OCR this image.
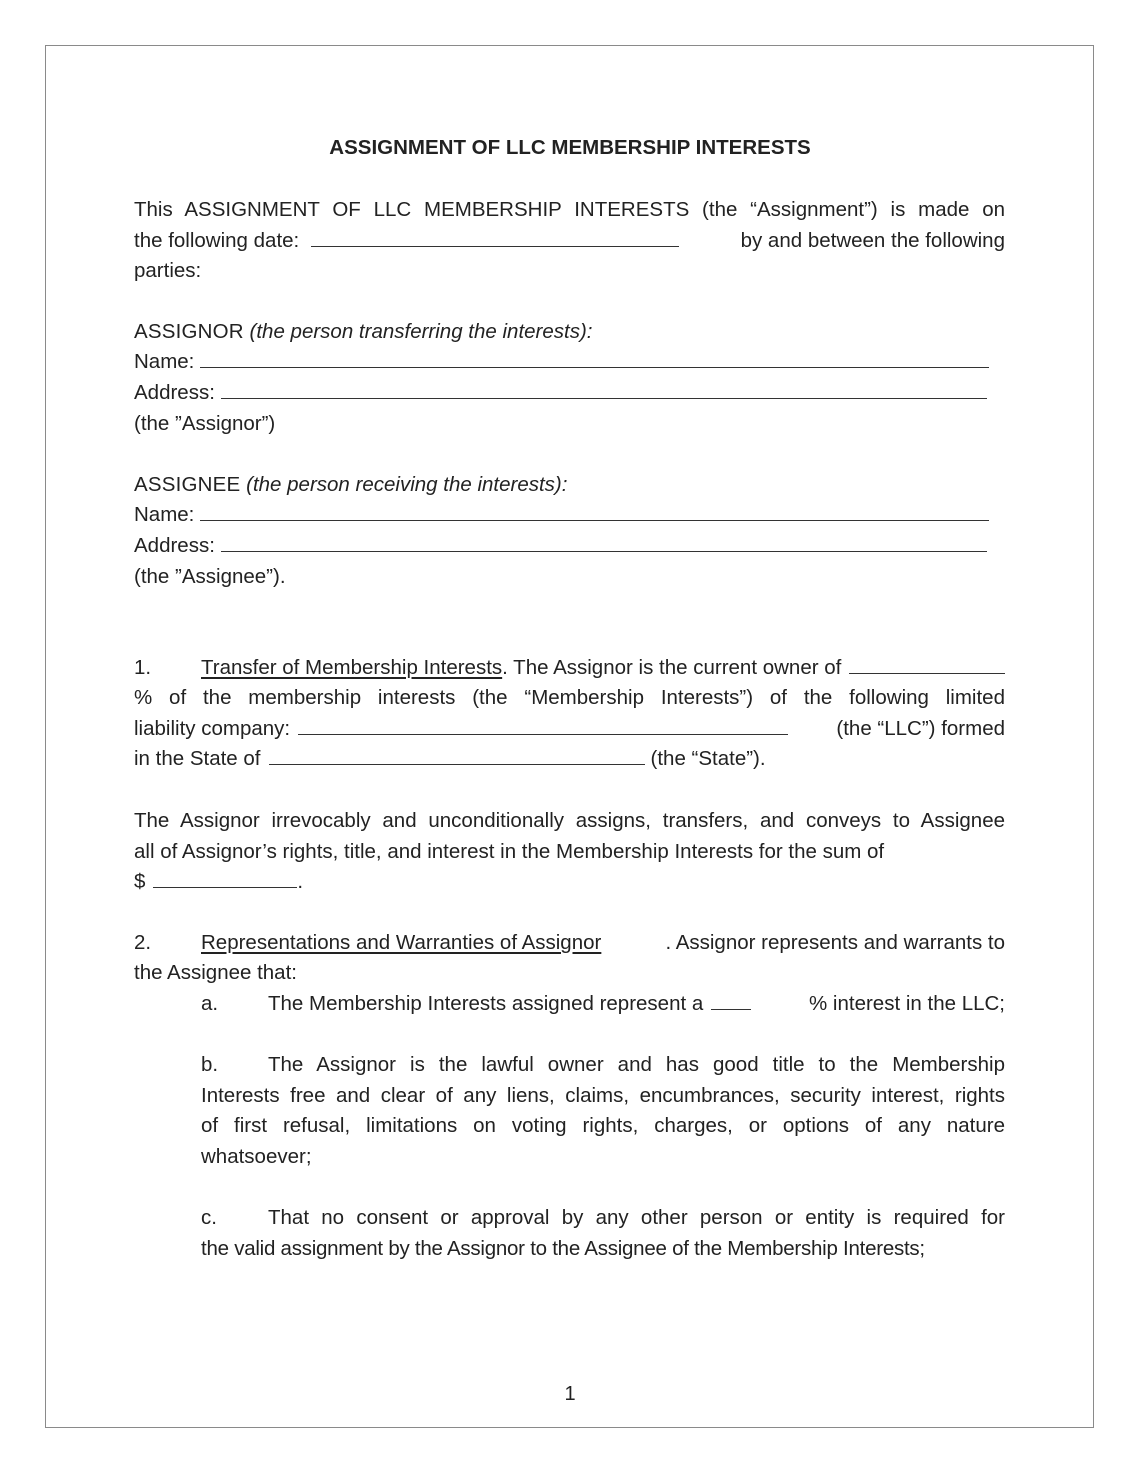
ASSIGNMENT OF LLC MEMBERSHIP INTERESTS
This ASSIGNMENT OF LLC MEMBERSHIP INTERESTS (the “Assignment”) is made on
the following date:	by and between the following
parties:
ASSIGNOR (the person transferring the interests):
Name:
Address:
(the ”Assignor”)
ASSIGNEE (the person receiving the interests):
Name:
Address:
(the ”Assignee”).
1.	Transfer of Membership Interests . The Assignor is the current owner of
% of the membership interests (the “Membership Interests”) of the following limited
liability company:	(the “LLC”) formed
in the State of	(the “State”).
The Assignor irrevocably and unconditionally assigns, transfers, and conveys to Assignee
all of Assignor’s rights, title, and interest in the Membership Interests for the sum of
$	.
2.	Representations and Warranties of Assignor	. Assignor represents and warrants to
the Assignee that:
a.	The Membership Interests assigned represent a	% interest in the LLC;
b.	The Assignor is the lawful owner and has good title to the Membership
Interests free and clear of any liens, claims, encumbrances, security interest, rights
of first refusal, limitations on voting rights, charges, or options of any nature
whatsoever;
c.	That no consent or approval by any other person or entity is required for
the valid assignment by the Assignor to the Assignee of the Membership Interests;
1
